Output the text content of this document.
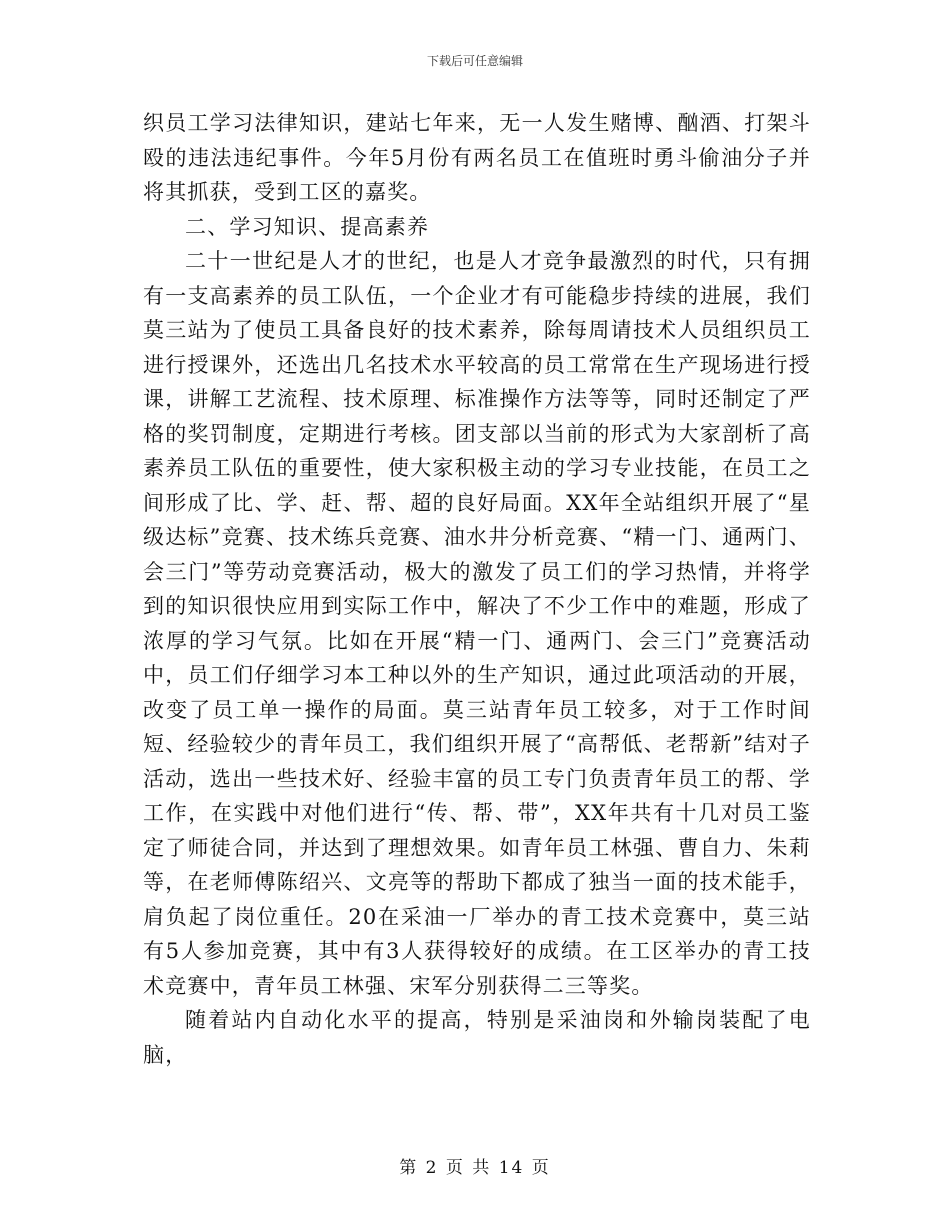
下载后可任意编辑

织员工学习法律知识，建站七年来，无一人发生赌博、酗酒、打架斗殴的违法违纪事件。今年5月份有两名员工在值班时勇斗偷油分子并将其抓获，受到工区的嘉奖。

二、学习知识、提高素养

二十一世纪是人才的世纪，也是人才竞争最激烈的时代，只有拥有一支高素养的员工队伍，一个企业才有可能稳步持续的进展，我们莫三站为了使员工具备良好的技术素养，除每周请技术人员组织员工进行授课外，还选出几名技术水平较高的员工常常在生产现场进行授课，讲解工艺流程、技术原理、标准操作方法等等，同时还制定了严格的奖罚制度，定期进行考核。团支部以当前的形式为大家剖析了高素养员工队伍的重要性，使大家积极主动的学习专业技能，在员工之间形成了比、学、赶、帮、超的良好局面。XX年全站组织开展了“星级达标”竞赛、技术练兵竞赛、油水井分析竞赛、“精一门、通两门、会三门”等劳动竞赛活动，极大的激发了员工们的学习热情，并将学到的知识很快应用到实际工作中，解决了不少工作中的难题，形成了浓厚的学习气氛。比如在开展“精一门、通两门、会三门”竞赛活动中，员工们仔细学习本工种以外的生产知识，通过此项活动的开展，改变了员工单一操作的局面。莫三站青年员工较多，对于工作时间短、经验较少的青年员工，我们组织开展了“高帮低、老帮新”结对子活动，选出一些技术好、经验丰富的员工专门负责青年员工的帮、学工作，在实践中对他们进行“传、帮、带”，XX年共有十几对员工鉴定了师徒合同，并达到了理想效果。如青年员工林强、曹自力、朱莉等，在老师傅陈绍兴、文亮等的帮助下都成了独当一面的技术能手，肩负起了岗位重任。20在采油一厂举办的青工技术竞赛中，莫三站有5人参加竞赛，其中有3人获得较好的成绩。在工区举办的青工技术竞赛中，青年员工林强、宋军分别获得二三等奖。

随着站内自动化水平的提高，特别是采油岗和外输岗装配了电脑，

第 2 页 共 14 页
